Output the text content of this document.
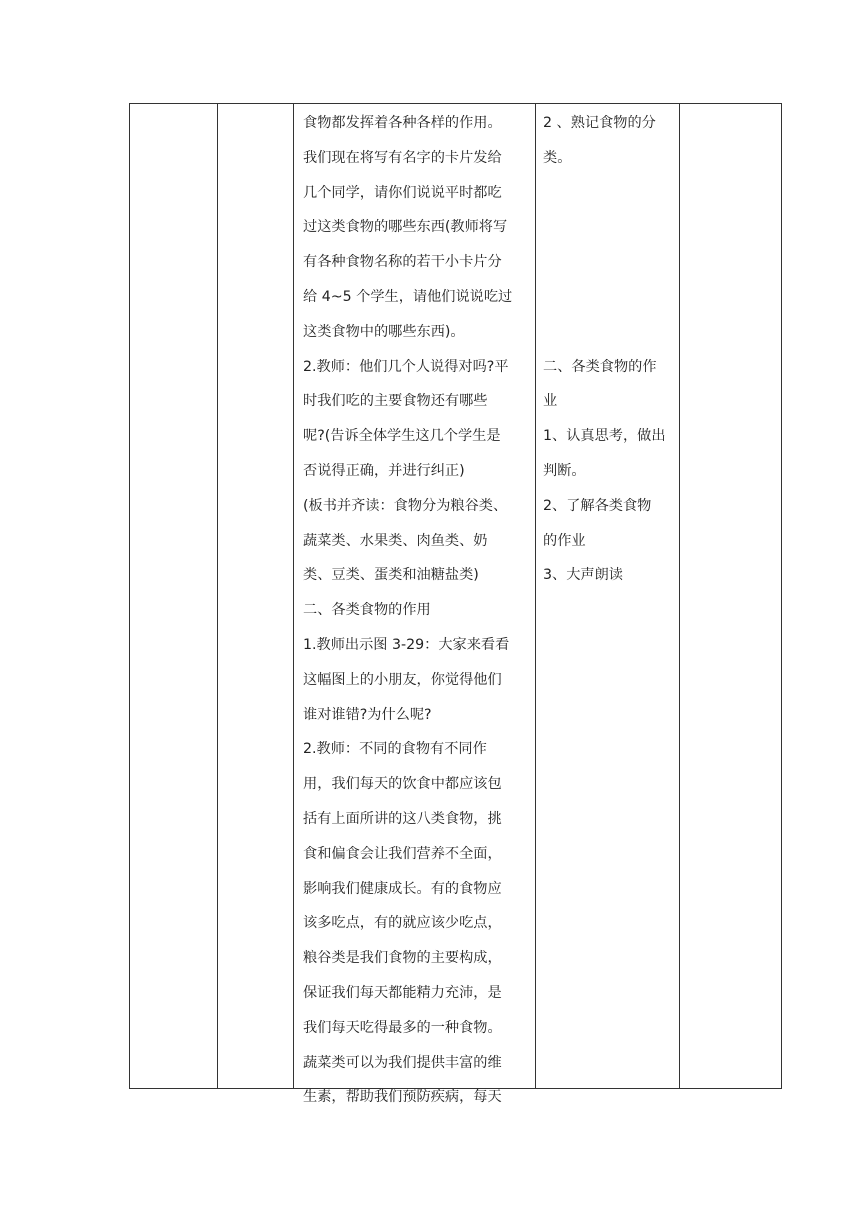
食物都发挥着各种各样的作用。
我们现在将写有名字的卡片发给
几个同学，请你们说说平时都吃
过这类食物的哪些东西(教师将写
有各种食物名称的若干小卡片分
给 4~5 个学生，请他们说说吃过
这类食物中的哪些东西)。
2.教师：他们几个人说得对吗?平
时我们吃的主要食物还有哪些
呢?(告诉全体学生这几个学生是
否说得正确，并进行纠正)
(板书并齐读：食物分为粮谷类、
蔬菜类、水果类、肉鱼类、奶
类、豆类、蛋类和油糖盐类)
二、各类食物的作用
1.教师出示图 3-29：大家来看看
这幅图上的小朋友，你觉得他们
谁对谁错?为什么呢?
2.教师：不同的食物有不同作
用，我们每天的饮食中都应该包
括有上面所讲的这八类食物，挑
食和偏食会让我们营养不全面，
影响我们健康成长。有的食物应
该多吃点，有的就应该少吃点，
粮谷类是我们食物的主要构成，
保证我们每天都能精力充沛，是
我们每天吃得最多的一种食物。
蔬菜类可以为我们提供丰富的维
生素，帮助我们预防疾病，每天
2 、熟记食物的分
类。
二、各类食物的作
业
1、认真思考，做出
判断。
2、了解各类食物
的作业
3、大声朗读
